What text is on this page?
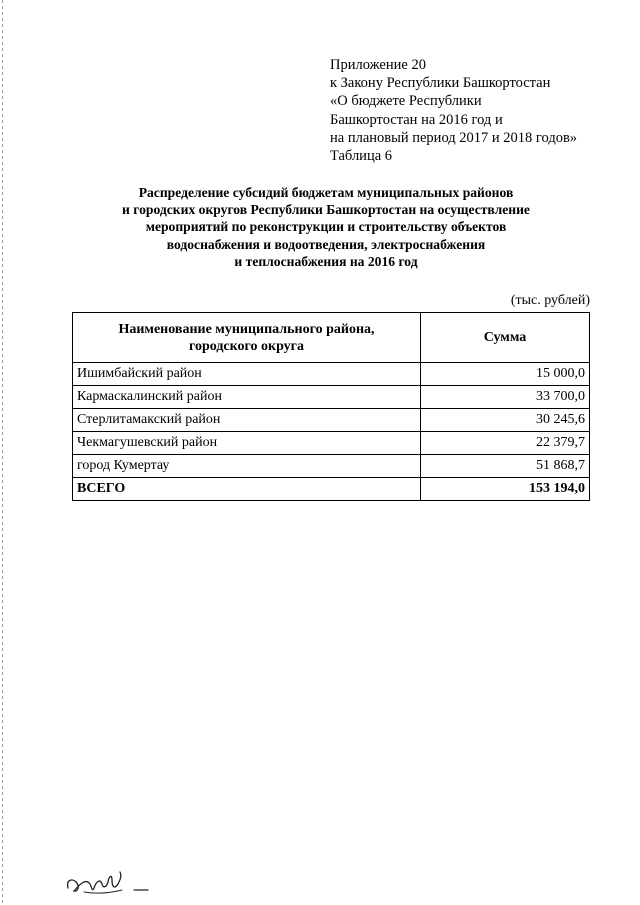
Приложение 20
к Закону Республики Башкортостан
«О бюджете Республики
Башкортостан на 2016 год и
на плановый период 2017 и 2018 годов»
Таблица 6
Распределение субсидий бюджетам муниципальных районов
и городских округов Республики Башкортостан на осуществление
мероприятий по реконструкции и строительству объектов
водоснабжения и водоотведения, электроснабжения
и теплоснабжения на 2016 год
(тыс. рублей)
Наименование муниципального района,
городского округа	Сумма
Ишимбайский район	15 000,0
Кармаскалинский район	33 700,0
Стерлитамакский район	30 245,6
Чекмагушевский район	22 379,7
город Кумертау	51 868,7
ВСЕГО	153 194,0
